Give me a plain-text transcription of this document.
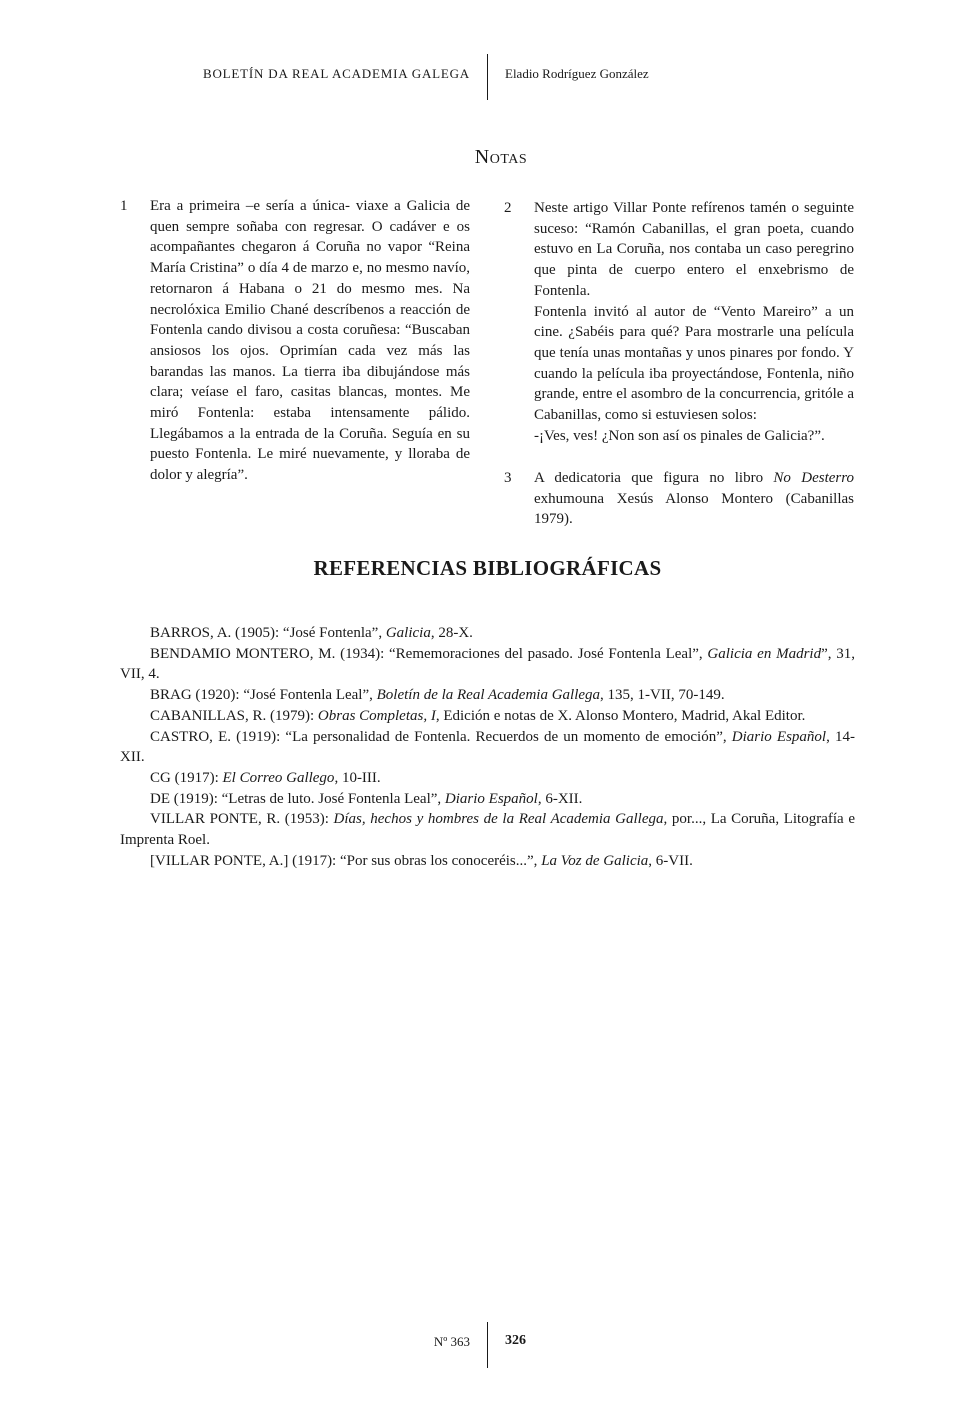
BOLETÍN DA REAL ACADEMIA GALEGA	Eladio Rodríguez González
Notas
1 Era a primeira –e sería a única- viaxe a Galicia de quen sempre soñaba con regresar. O cadáver e os acompañantes chegaron á Coruña no vapor “Reina María Cristina” o día 4 de marzo e, no mesmo navío, retornaron á Habana o 21 do mesmo mes. Na necrolóxica Emilio Chané descríbenos a reacción de Fontenla cando divisou a costa coruñesa: “Buscaban ansiosos los ojos. Oprimían cada vez más las barandas las manos. La tierra iba dibujándose más clara; veíase el faro, casitas blancas, montes. Me miró Fontenla: estaba intensamente pálido. Llegábamos a la entrada de la Coruña. Seguía en su puesto Fontenla. Le miré nuevamente, y lloraba de dolor y alegría”.

2 Neste artigo Villar Ponte refírenos tamén o seguinte suceso: “Ramón Cabanillas, el gran poeta, cuando estuvo en La Coruña, nos contaba un caso peregrino que pinta de cuerpo entero el enxebrismo de Fontenla.

Fontenla invitó al autor de “Vento Mareiro” a un cine. ¿Sabéis para qué? Para mostrarle una película que tenía unas montañas y unos pinares por fondo. Y cuando la película iba proyectándose, Fontenla, niño grande, entre el asombro de la concurrencia, gritóle a Cabanillas, como si estuviesen solos:

-¡Ves, ves! ¿Non son así os pinales de Galicia?”.

3 A dedicatoria que figura no libro No Desterro exhumouna Xesús Alonso Montero (Cabanillas 1979).

REFERENCIAS BIBLIOGRÁFICAS

BARROS, A. (1905): “José Fontenla”, Galicia, 28-X.

BENDAMIO MONTERO, M. (1934): “Rememoraciones del pasado. José Fontenla Leal”, Galicia en Madrid”, 31, VII, 4.

BRAG (1920): “José Fontenla Leal”, Boletín de la Real Academia Gallega, 135, 1-VII, 70-149.

CABANILLAS, R. (1979): Obras Completas, I, Edición e notas de X. Alonso Montero, Madrid, Akal Editor.

CASTRO, E. (1919): “La personalidad de Fontenla. Recuerdos de un momento de emoción”, Diario Español, 14-XII.

CG (1917): El Correo Gallego, 10-III.

DE (1919): “Letras de luto. José Fontenla Leal”, Diario Español, 6-XII.

VILLAR PONTE, R. (1953): Días, hechos y hombres de la Real Academia Gallega, por..., La Coruña, Litografía e Imprenta Roel.

[VILLAR PONTE, A.] (1917): “Por sus obras los conoceréis...”, La Voz de Galicia, 6-VII.

Nº 363	326
